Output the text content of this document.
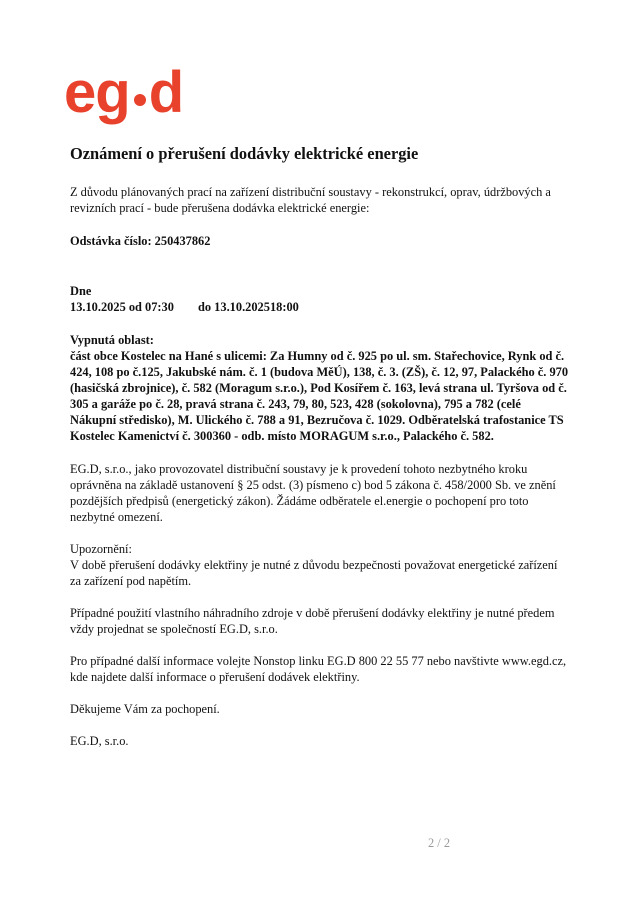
eg d
Oznámení o přerušení dodávky elektrické energie

Z důvodu plánovaných prací na zařízení distribuční soustavy - rekonstrukcí, oprav, údržbových a revizních prací - bude přerušena dodávka elektrické energie:

Odstávka číslo: 250437862

Dne

13.10.2025 od 07:30	do 13.10.202518:00

Vypnutá oblast:

část obce Kostelec na Hané s ulicemi: Za Humny od č. 925 po ul. sm. Stařechovice, Rynk od č. 424, 108 po č.125, Jakubské nám. č. 1 (budova MěÚ), 138, č. 3. (ZŠ), č. 12, 97, Palackého č. 970 (hasičská zbrojnice), č. 582 (Moragum s.r.o.), Pod Kosířem č. 163, levá strana ul. Tyršova od č. 305 a garáže po č. 28, pravá strana č. 243, 79, 80, 523, 428 (sokolovna), 795 a 782 (celé Nákupní středisko), M. Ulického č. 788 a 91, Bezručova č. 1029. Odběratelská trafostanice TS Kostelec Kamenictví č. 300360 - odb. místo MORAGUM s.r.o., Palackého č. 582.

EG.D, s.r.o., jako provozovatel distribuční soustavy je k provedení tohoto nezbytného kroku oprávněna na základě ustanovení § 25 odst. (3) písmeno c) bod 5 zákona č. 458/2000 Sb. ve znění pozdějších předpisů (energetický zákon). Žádáme odběratele el.energie o pochopení pro toto nezbytné omezení.

Upozornění:

V době přerušení dodávky elektřiny je nutné z důvodu bezpečnosti považovat energetické zařízení za zařízení pod napětím.

Případné použití vlastního náhradního zdroje v době přerušení dodávky elektřiny je nutné předem vždy projednat se společností EG.D, s.r.o.

Pro případné další informace volejte Nonstop linku EG.D 800 22 55 77 nebo navštivte www.egd.cz, kde najdete další informace o přerušení dodávek elektřiny.

Děkujeme Vám za pochopení.

EG.D, s.r.o.

2 / 2
